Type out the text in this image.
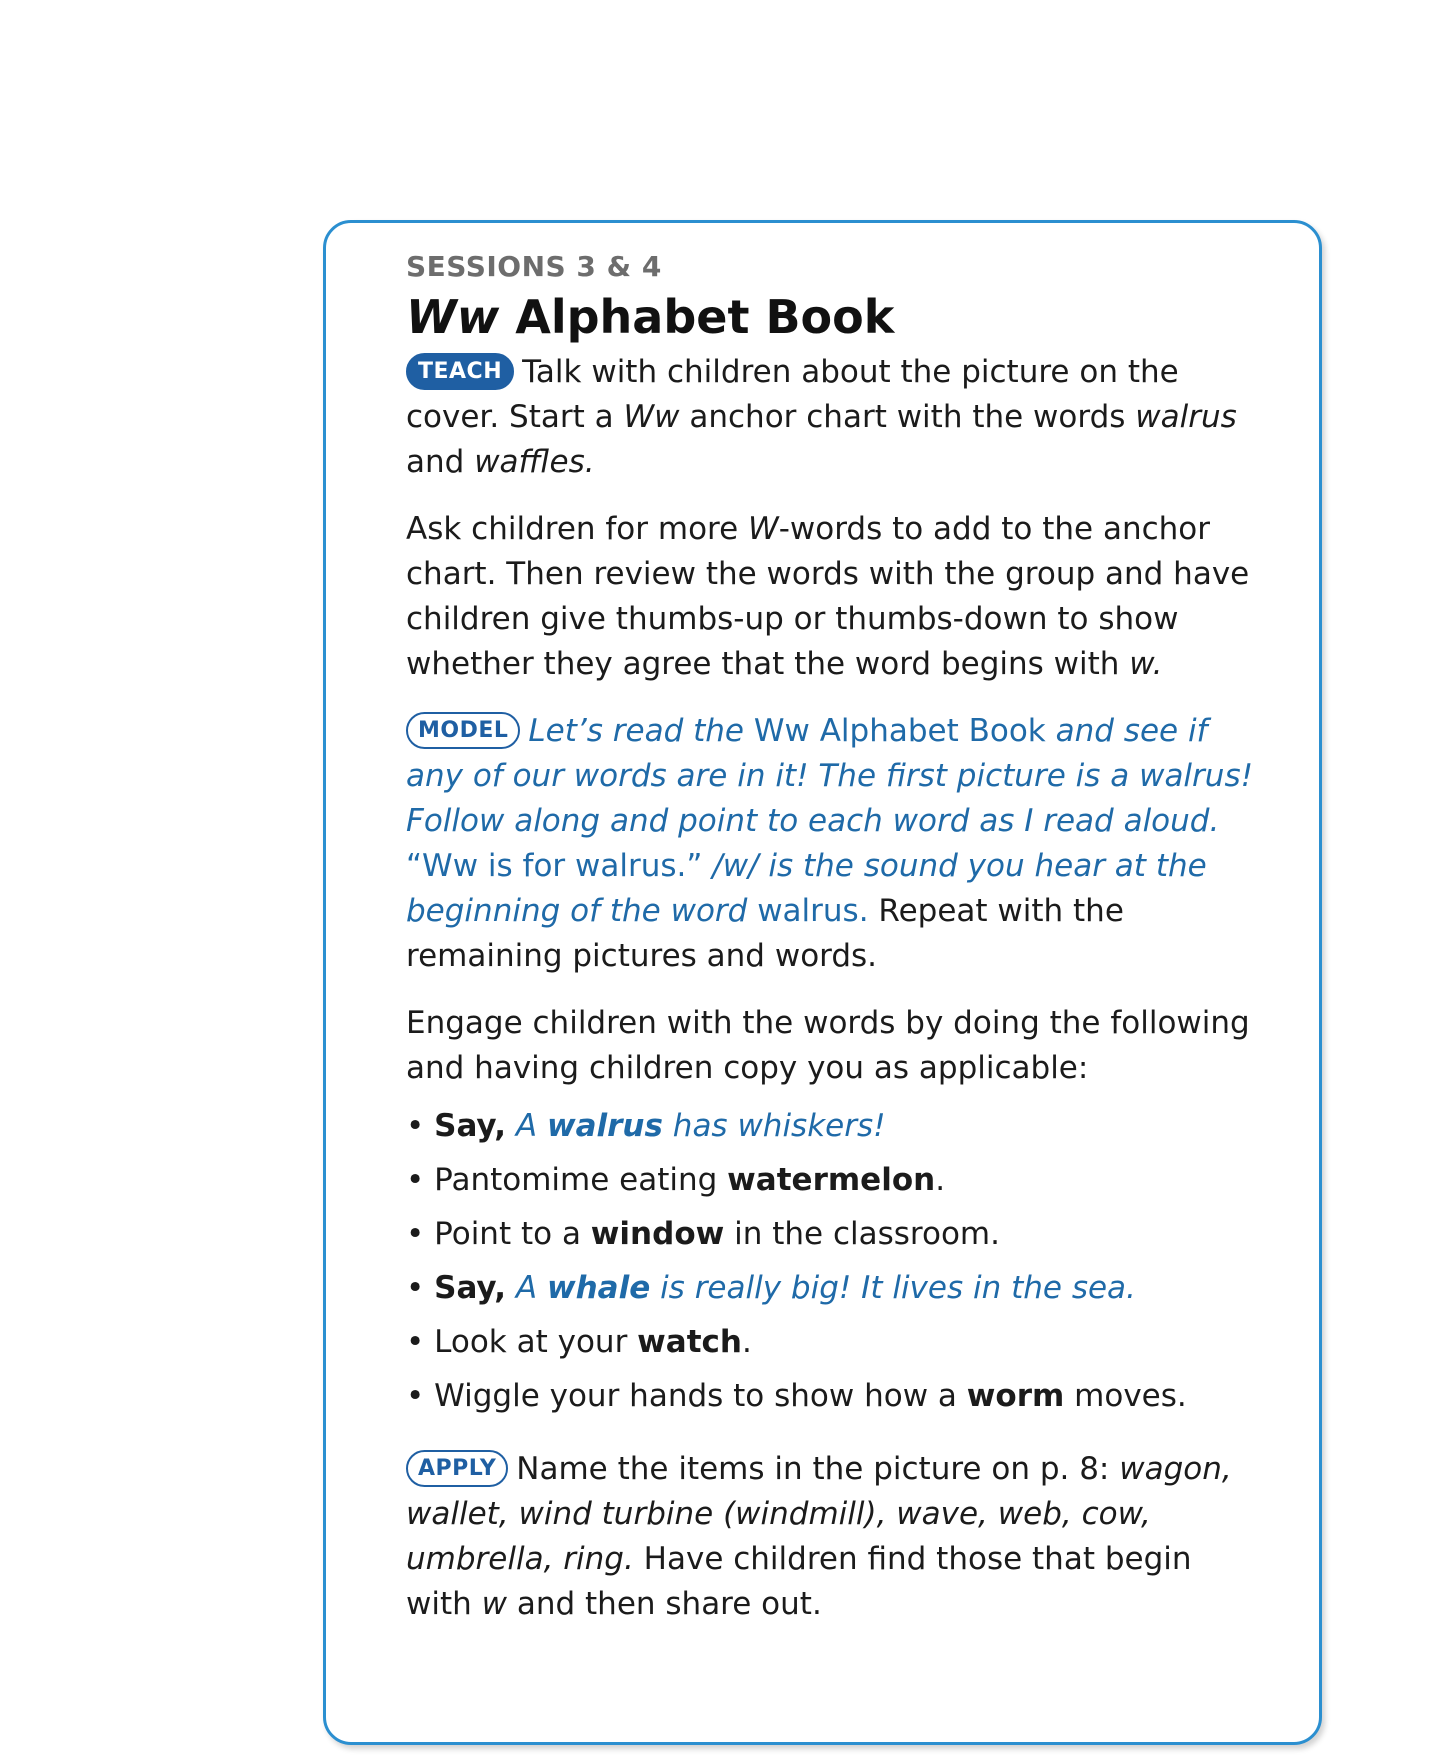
SESSIONS 3 & 4
Ww Alphabet Book

TEACH Talk with children about the picture on the cover. Start a Ww anchor chart with the words walrus and waffles.

Ask children for more W-words to add to the anchor chart. Then review the words with the group and have children give thumbs-up or thumbs-down to show whether they agree that the word begins with w.

MODEL Let’s read the Ww Alphabet Book and see if any of our words are in it! The first picture is a walrus! Follow along and point to each word as I read aloud. “Ww is for walrus.” /w/ is the sound you hear at the beginning of the word walrus. Repeat with the remaining pictures and words.

Engage children with the words by doing the following and having children copy you as applicable:

• Say, A walrus has whiskers!
• Pantomime eating watermelon.
• Point to a window in the classroom.
• Say, A whale is really big! It lives in the sea.
• Look at your watch.
• Wiggle your hands to show how a worm moves.

APPLY Name the items in the picture on p. 8: wagon, wallet, wind turbine (windmill), wave, web, cow, umbrella, ring. Have children find those that begin with w and then share out.
